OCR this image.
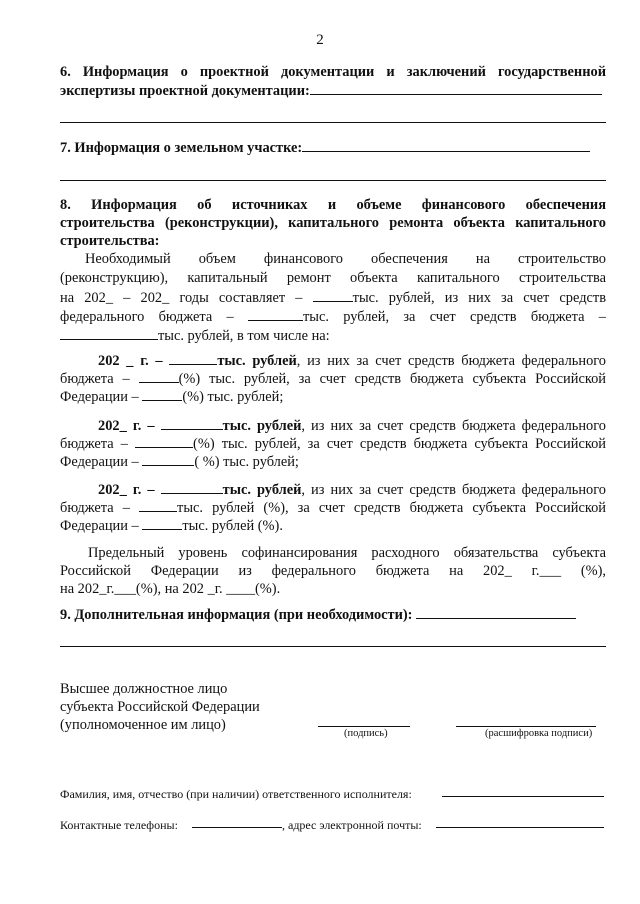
2
6. Информация о проектной документации и заключений государственной
экспертизы проектной документации:
7. Информация о земельном участке:
8. Информация об источниках и объеме финансового обеспечения
строительства (реконструкции), капитального ремонта объекта капитального
строительства:
Необходимый объем финансового обеспечения на строительство
(реконструкцию), капитальный ремонт объекта капитального строительства
на 202_ – 202_ годы составляет –	тыс. рублей, из них за счет средств
федерального бюджета –	тыс. рублей, за счет средств бюджета –
тыс. рублей, в том числе на:
202 _ г. –	тыс. рублей, из них за счет средств бюджета федерального
бюджета –	(%) тыс. рублей, за счет средств бюджета субъекта Российской
Федерации –	(%) тыс. рублей;
202_ г. –	тыс. рублей, из них за счет средств бюджета федерального
бюджета –	(%) тыс. рублей, за счет средств бюджета субъекта Российской
Федерации –	( %) тыс. рублей;
202_ г. –	тыс. рублей, из них за счет средств бюджета федерального
бюджета –	тыс. рублей (%), за счет средств бюджета субъекта Российской
Федерации –	тыс. рублей (%).
Предельный уровень софинансирования расходного обязательства субъекта
Российской Федерации из федерального бюджета на 202_ г.___ (%),
на 202_г.___(%), на 202 _г. ____(%).
9. Дополнительная информация (при необходимости):
Высшее должностное лицо
субъекта Российской Федерации
(уполномоченное им лицо)
(подпись)	(расшифровка подписи)
Фамилия, имя, отчество (при наличии) ответственного исполнителя:
Контактные телефоны:	, адрес электронной почты:
